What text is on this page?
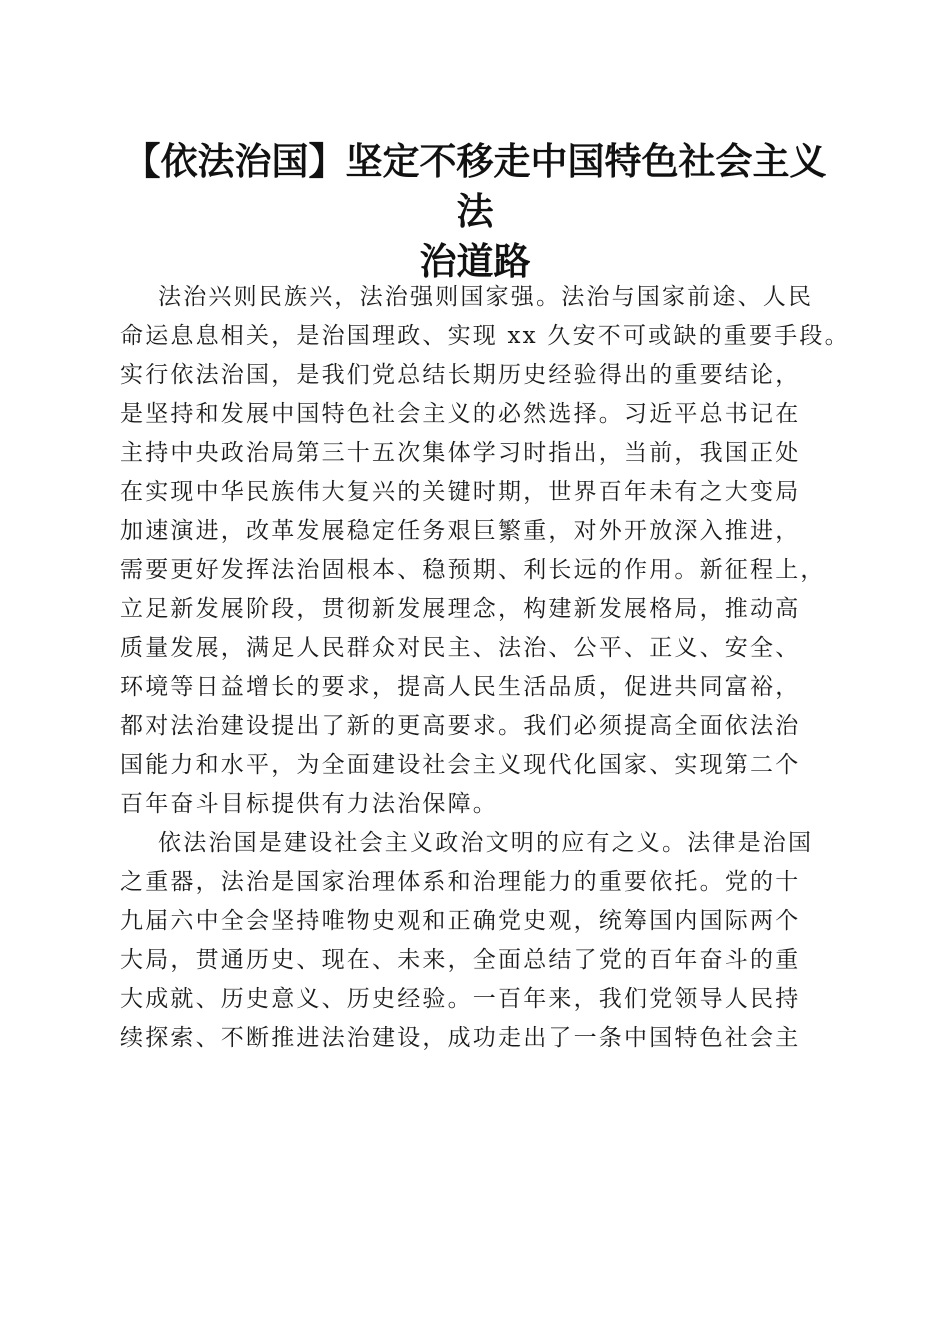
【依法治国】坚定不移走中国特色社会主义法
治道路
法治兴则民族兴，法治强则国家强。法治与国家前途、人民
命运息息相关，是治国理政、实现 xx 久安不可或缺的重要手段。
实行依法治国，是我们党总结长期历史经验得出的重要结论，
是坚持和发展中国特色社会主义的必然选择。习近平总书记在
主持中央政治局第三十五次集体学习时指出，当前，我国正处
在实现中华民族伟大复兴的关键时期，世界百年未有之大变局
加速演进，改革发展稳定任务艰巨繁重，对外开放深入推进，
需要更好发挥法治固根本、稳预期、利长远的作用。新征程上，
立足新发展阶段，贯彻新发展理念，构建新发展格局，推动高
质量发展，满足人民群众对民主、法治、公平、正义、安全、
环境等日益增长的要求，提高人民生活品质，促进共同富裕，
都对法治建设提出了新的更高要求。我们必须提高全面依法治
国能力和水平，为全面建设社会主义现代化国家、实现第二个
百年奋斗目标提供有力法治保障。
依法治国是建设社会主义政治文明的应有之义。法律是治国
之重器，法治是国家治理体系和治理能力的重要依托。党的十
九届六中全会坚持唯物史观和正确党史观，统筹国内国际两个
大局，贯通历史、现在、未来，全面总结了党的百年奋斗的重
大成就、历史意义、历史经验。一百年来，我们党领导人民持
续探索、不断推进法治建设，成功走出了一条中国特色社会主
